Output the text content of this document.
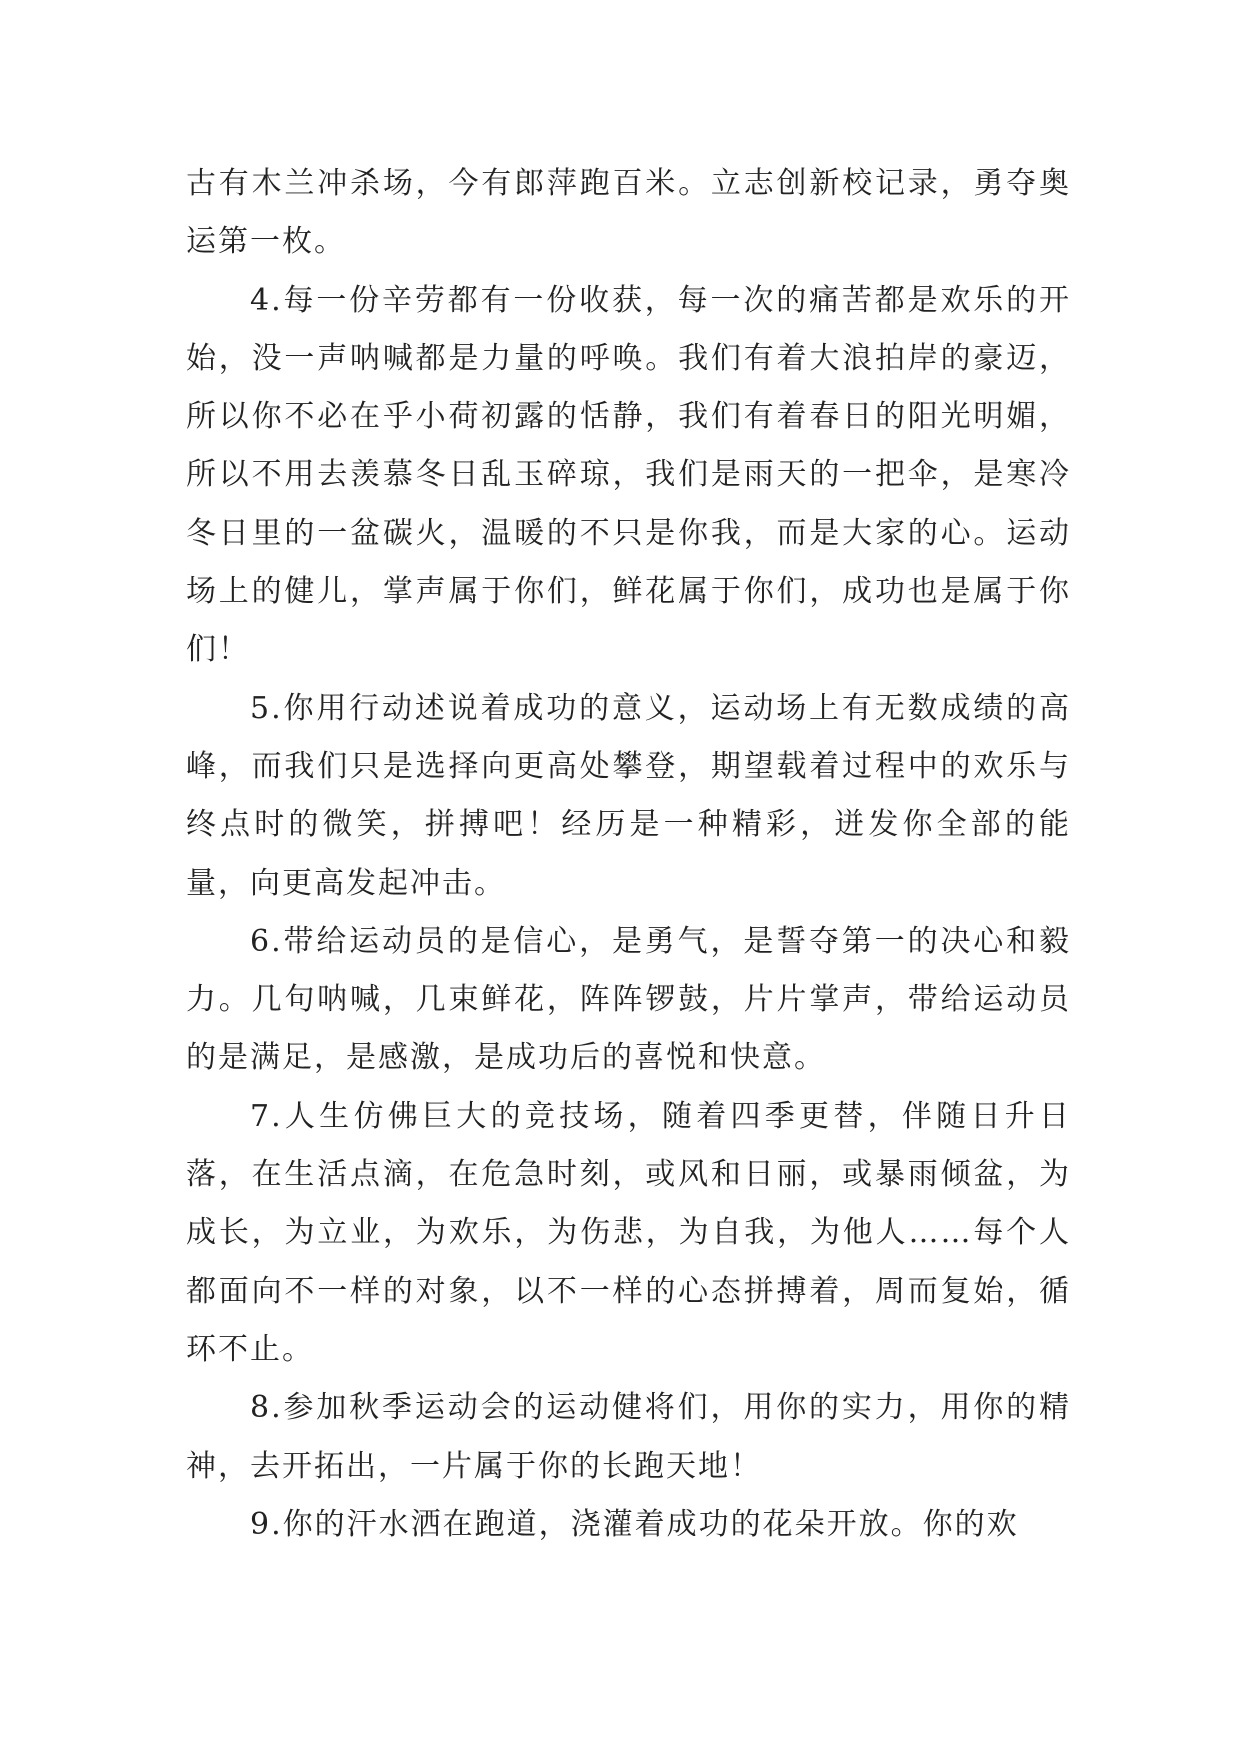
古有木兰冲杀场，今有郎萍跑百米。立志创新校记录，勇夺奥运第一枚。

4.每一份辛劳都有一份收获，每一次的痛苦都是欢乐的开始，没一声呐喊都是力量的呼唤。我们有着大浪拍岸的豪迈，所以你不必在乎小荷初露的恬静，我们有着春日的阳光明媚，所以不用去羡慕冬日乱玉碎琼，我们是雨天的一把伞，是寒冷冬日里的一盆碳火，温暖的不只是你我，而是大家的心。运动场上的健儿，掌声属于你们，鲜花属于你们，成功也是属于你们！

5.你用行动述说着成功的意义，运动场上有无数成绩的高峰，而我们只是选择向更高处攀登，期望载着过程中的欢乐与终点时的微笑，拼搏吧！经历是一种精彩，迸发你全部的能量，向更高发起冲击。

6.带给运动员的是信心，是勇气，是誓夺第一的决心和毅力。几句呐喊，几束鲜花，阵阵锣鼓，片片掌声，带给运动员的是满足，是感激，是成功后的喜悦和快意。

7.人生仿佛巨大的竞技场，随着四季更替，伴随日升日落，在生活点滴，在危急时刻，或风和日丽，或暴雨倾盆，为成长，为立业，为欢乐，为伤悲，为自我，为他人……每个人都面向不一样的对象，以不一样的心态拼搏着，周而复始，循环不止。

8.参加秋季运动会的运动健将们，用你的实力，用你的精神，去开拓出，一片属于你的长跑天地！

9.你的汗水洒在跑道，浇灌着成功的花朵开放。你的欢
